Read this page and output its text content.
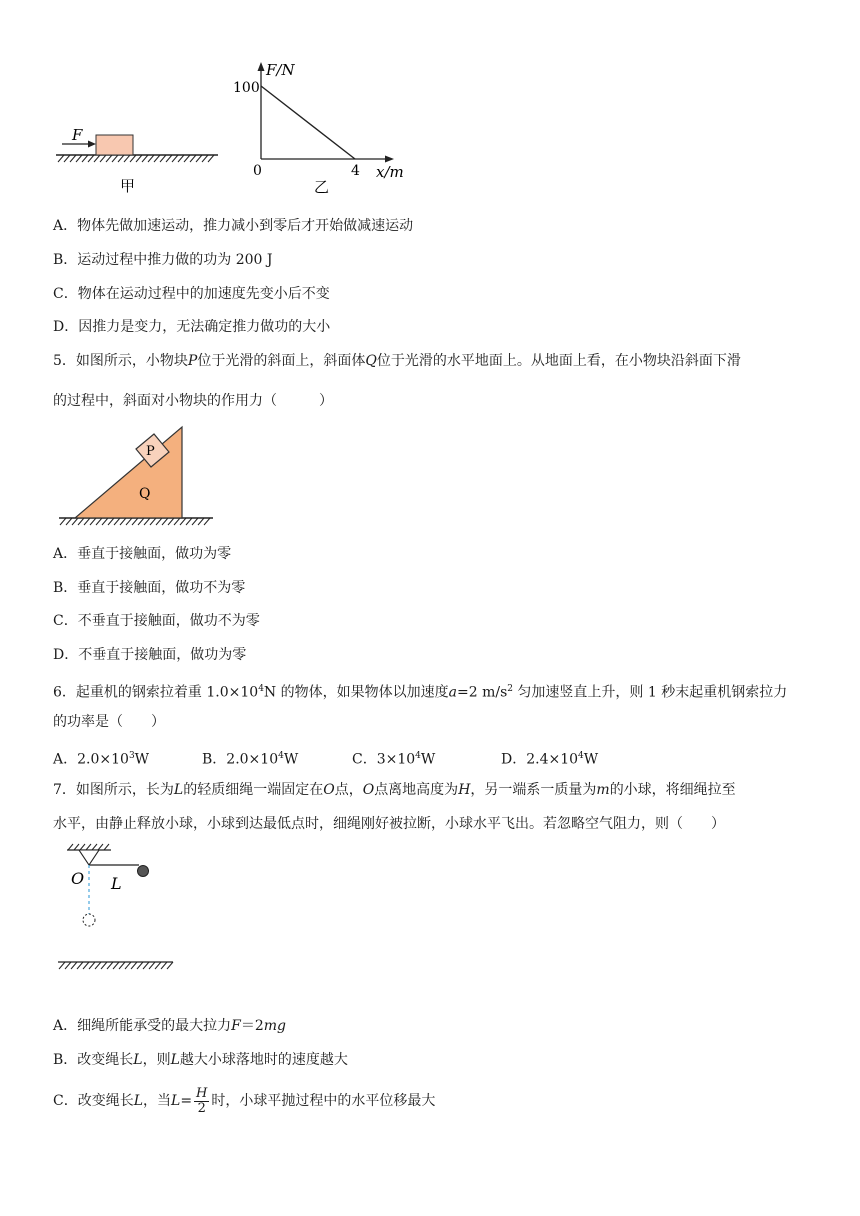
F
甲
F/N
100
0	4 x/m
乙
A．物体先做加速运动，推力减小到零后才开始做减速运动
B．运动过程中推力做的功为 200 J
C．物体在运动过程中的加速度先变小后不变
D．因推力是变力，无法确定推力做功的大小
5．如图所示，小物块P位于光滑的斜面上，斜面体Q位于光滑的水平地面上。从地面上看，在小物块沿斜面下滑
的过程中，斜面对小物块的作用力（　　　）
P
Q
A．垂直于接触面，做功为零
B．垂直于接触面，做功不为零
C．不垂直于接触面，做功不为零
D．不垂直于接触面，做功为零
6．起重机的钢索拉着重 $1.0\times 10^4N$ 的物体，如果物体以加速度a=2 $m/s^2$ 匀加速竖直上升，则 1 秒末起重机钢索拉力
的功率是（　　）
A．$2.0\times 10^3W$	B．$2.0\times 10^4W$	C．$3\times 10^4W$	D．$2.4\times 10^4W$
7．如图所示，长为L的轻质细绳一端固定在O点，O点离地高度为H，另一端系一质量为m的小球，将细绳拉至
水平，由静止释放小球，小球到达最低点时，细绳刚好被拉断，小球水平飞出。若忽略空气阻力，则（　　）
O L
A．细绳所能承受的最大拉力F＝2mg
B．改变绳长L，则L越大小球落地时的速度越大
C．改变绳长L，当$L= \frac{H}{2}$ 时，小球平抛过程中的水平位移最大
